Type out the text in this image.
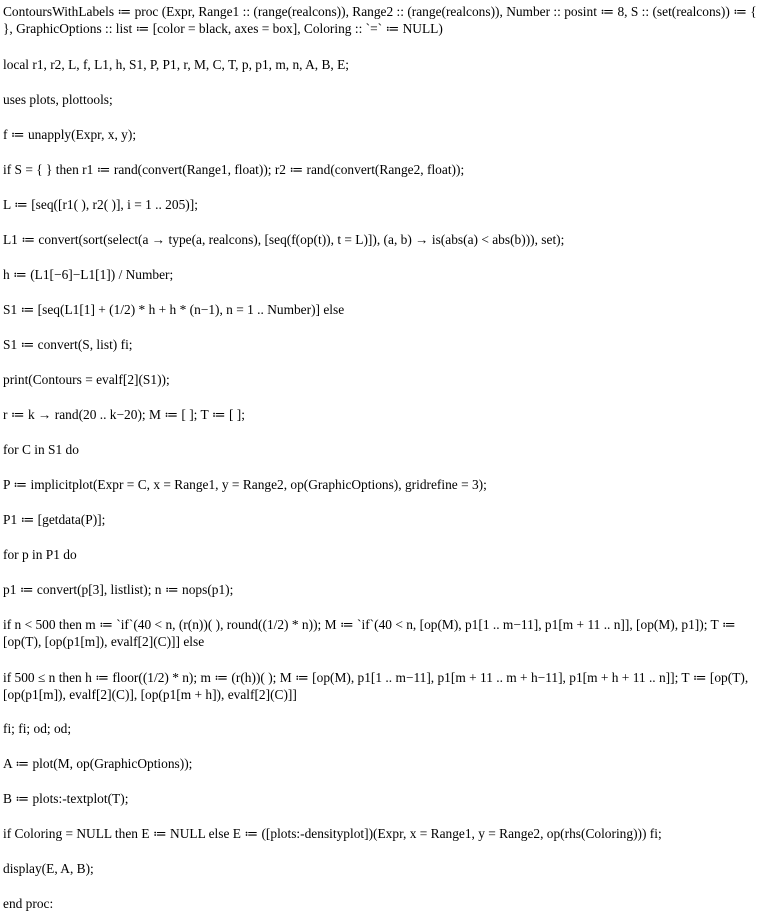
ContoursWithLabels ≔ proc (Expr, Range1 :: (range(realcons)), Range2 :: (range(realcons)), Number :: posint ≔ 8, S :: (set(realcons)) ≔ { }, GraphicOptions :: list ≔ [color = black, axes = box], Coloring :: `=` ≔ NULL)
local r1, r2, L, f, L1, h, S1, P, P1, r, M, C, T, p, p1, m, n, A, B, E;
uses plots, plottools;
f ≔ unapply(Expr, x, y);
if S = { } then r1 ≔ rand(convert(Range1, float)); r2 ≔ rand(convert(Range2, float));
L ≔ [seq([r1( ), r2( )], i = 1 .. 205)];
L1 ≔ convert(sort(select(a → type(a, realcons), [seq(f(op(t)), t = L)]), (a, b) → is(abs(a) < abs(b))), set);
h ≔ (L1[−6]−L1[1]) / Number;
S1 ≔ [seq(L1[1] + (1/2) * h + h * (n−1), n = 1 .. Number)] else
S1 ≔ convert(S, list) fi;
print(Contours = evalf[2](S1));
r ≔ k → rand(20 .. k−20); M ≔ [ ]; T ≔ [ ];
for C in S1 do
P ≔ implicitplot(Expr = C, x = Range1, y = Range2, op(GraphicOptions), gridrefine = 3);
P1 ≔ [getdata(P)];
for p in P1 do
p1 ≔ convert(p[3], listlist); n ≔ nops(p1);
if n < 500 then m ≔ `if`(40 < n, (r(n))( ), round((1/2) * n)); M ≔ `if`(40 < n, [op(M), p1[1 .. m−11], p1[m + 11 .. n]], [op(M), p1]); T ≔ [op(T), [op(p1[m]), evalf[2](C)]] else
if 500 ≤ n then h ≔ floor((1/2) * n); m ≔ (r(h))( ); M ≔ [op(M), p1[1 .. m−11], p1[m + 11 .. m + h−11], p1[m + h + 11 .. n]]; T ≔ [op(T), [op(p1[m]), evalf[2](C)], [op(p1[m + h]), evalf[2](C)]]
fi; fi; od; od;
A ≔ plot(M, op(GraphicOptions));
B ≔ plots:-textplot(T);
if Coloring = NULL then E ≔ NULL else E ≔ ([plots:-densityplot])(Expr, x = Range1, y = Range2, op(rhs(Coloring))) fi;
display(E, A, B);
end proc:
